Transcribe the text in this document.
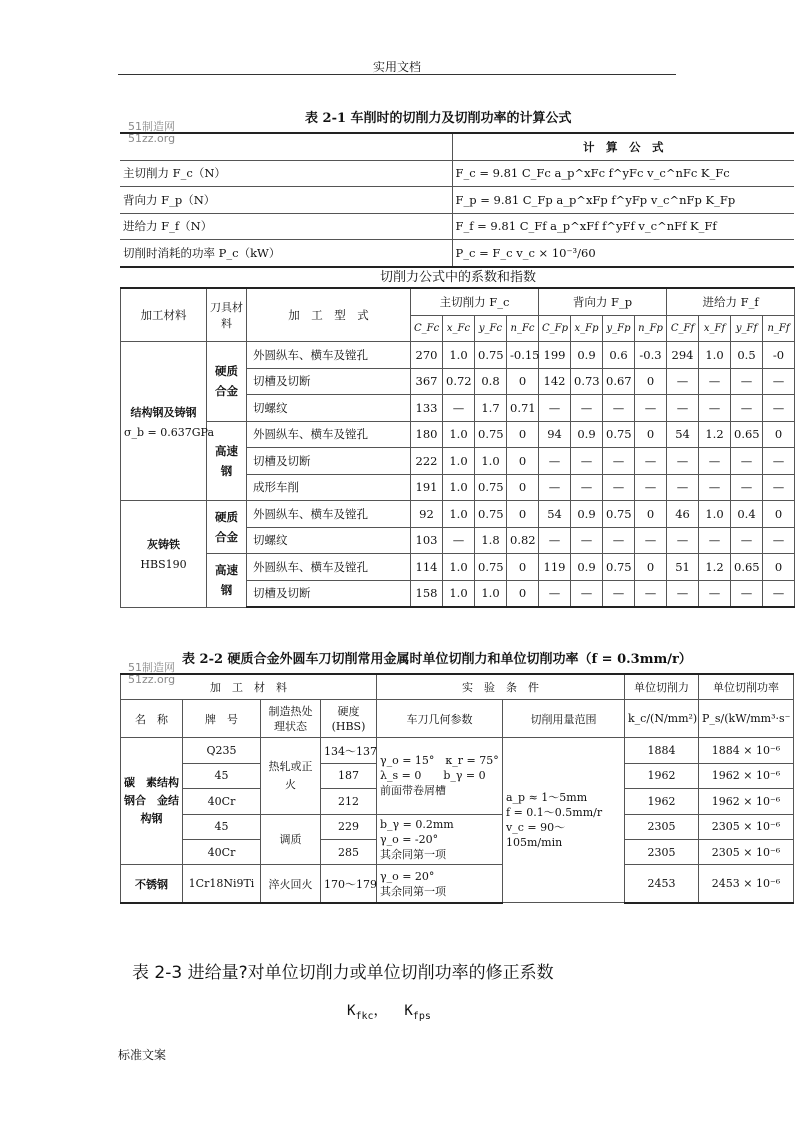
实用文档
表 2-1 车削时的切削力及切削功率的计算公式
51制造网
51zz.org
	计　算　公　式
主切削力 F_c（N）	F_c = 9.81 C_Fc a_p^xFc f^yFc v_c^nFc K_Fc
背向力 F_p（N）	F_p = 9.81 C_Fp a_p^xFp f^yFp v_c^nFp K_Fp
进给力 F_f（N）	F_f = 9.81 C_Ff a_p^xFf f^yFf v_c^nFf K_Ff
切削时消耗的功率 P_c（kW）	P_c = F_c v_c × 10⁻³/60
切削力公式中的系数和指数
加工材料	刀具材料	加　工　型　式	主切削力 F_c				背向力 F_p				进给力 F_f			
			C_Fc	x_Fc	y_Fc	n_Fc	C_Fp	x_Fp	y_Fp	n_Fp	C_Ff	x_Ff	y_Ff	n_Ff

结构钢及铸钢
σ_b = 0.637GPa	硬质合金	外圆纵车、横车及镗孔	270	1.0	0.75	-0.15	199	0.9	0.6	-0.3	294	1.0	0.5	-0
		切槽及切断	367	0.72	0.8	0	142	0.73	0.67	0	—	—	—	—
		切螺纹	133	—	1.7	0.71	—	—	—	—	—	—	—	—
	高速钢	外圆纵车、横车及镗孔	180	1.0	0.75	0	94	0.9	0.75	0	54	1.2	0.65	0
		切槽及切断	222	1.0	1.0	0	—	—	—	—	—	—	—	—
		成形车削	191	1.0	0.75	0	—	—	—	—	—	—	—	—

灰铸铁
HBS190	硬质合金	外圆纵车、横车及镗孔	92	1.0	0.75	0	54	0.9	0.75	0	46	1.0	0.4	0
		切螺纹	103	—	1.8	0.82	—	—	—	—	—	—	—	—
	高速钢	外圆纵车、横车及镗孔	114	1.0	0.75	0	119	0.9	0.75	0	51	1.2	0.65	0
		切槽及切断	158	1.0	1.0	0	—	—	—	—	—	—	—	—
表 2-2 硬质合金外圆车刀切削常用金属时单位切削力和单位切削功率（f = 0.3mm/r）
51制造网
51zz.org
加　工　材　料				实　验　条　件		单位切削力	单位切削功率
名　称	牌　号	制造热处理状态	硬度(HBS)	车刀几何参数	切削用量范围	k_c/(N/mm²)	P_s/(kW/mm³·s⁻
碳　素结构钢合　金结构钢	Q235	热轧或正　火	134～137	γ_o = 15°　κ_r = 75°
λ_s = 0　　b_γ = 0
前面带卷屑槽	a_p ≈ 1～5mm
f = 0.1～0.5mm/r
v_c = 90～105m/min	1884	1884 × 10⁻⁶
	45		187			1962	1962 × 10⁻⁶
	40Cr		212			1962	1962 × 10⁻⁶
	45	调质	229	b_γ = 0.2mm
γ_o = -20°
其余同第一项		2305	2305 × 10⁻⁶
	40Cr		285			2305	2305 × 10⁻⁶
不锈钢	1Cr18Ni9Ti	淬火回火	170～179	γ_o = 20°
其余同第一项		2453	2453 × 10⁻⁶
表 2-3 进给量?对单位切削力或单位切削功率的修正系数
$K_{fkc}$， $K_{fps}$
标准文案
